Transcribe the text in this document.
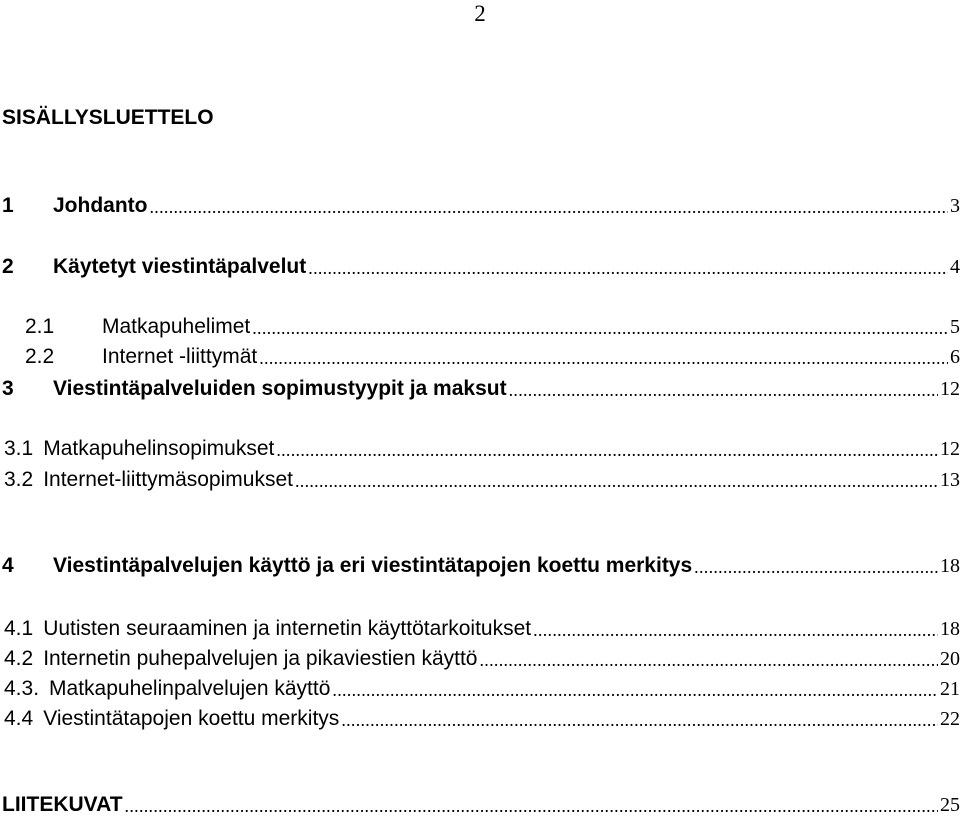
2
SISÄLLYSLUETTELO
1	Johdanto .....	3
2	Käytetyt viestintäpalvelut .....	4
2.1	Matkapuhelimet .....	5
2.2	Internet -liittymät .....	6
3	Viestintäpalveluiden sopimustyypit ja maksut .....	12
3.1 Matkapuhelinsopimukset .....	12
3.2 Internet-liittymäsopimukset .....	13
4	Viestintäpalvelujen käyttö ja eri viestintätapojen koettu merkitys .....	18
4.1 Uutisten seuraaminen ja internetin käyttötarkoitukset .....	18
4.2 Internetin puhepalvelujen ja pikaviestien käyttö .....	20
4.3. Matkapuhelinpalvelujen käyttö .....	21
4.4 Viestintätapojen koettu merkitys .....	22
LIITEKUVAT .....	25
